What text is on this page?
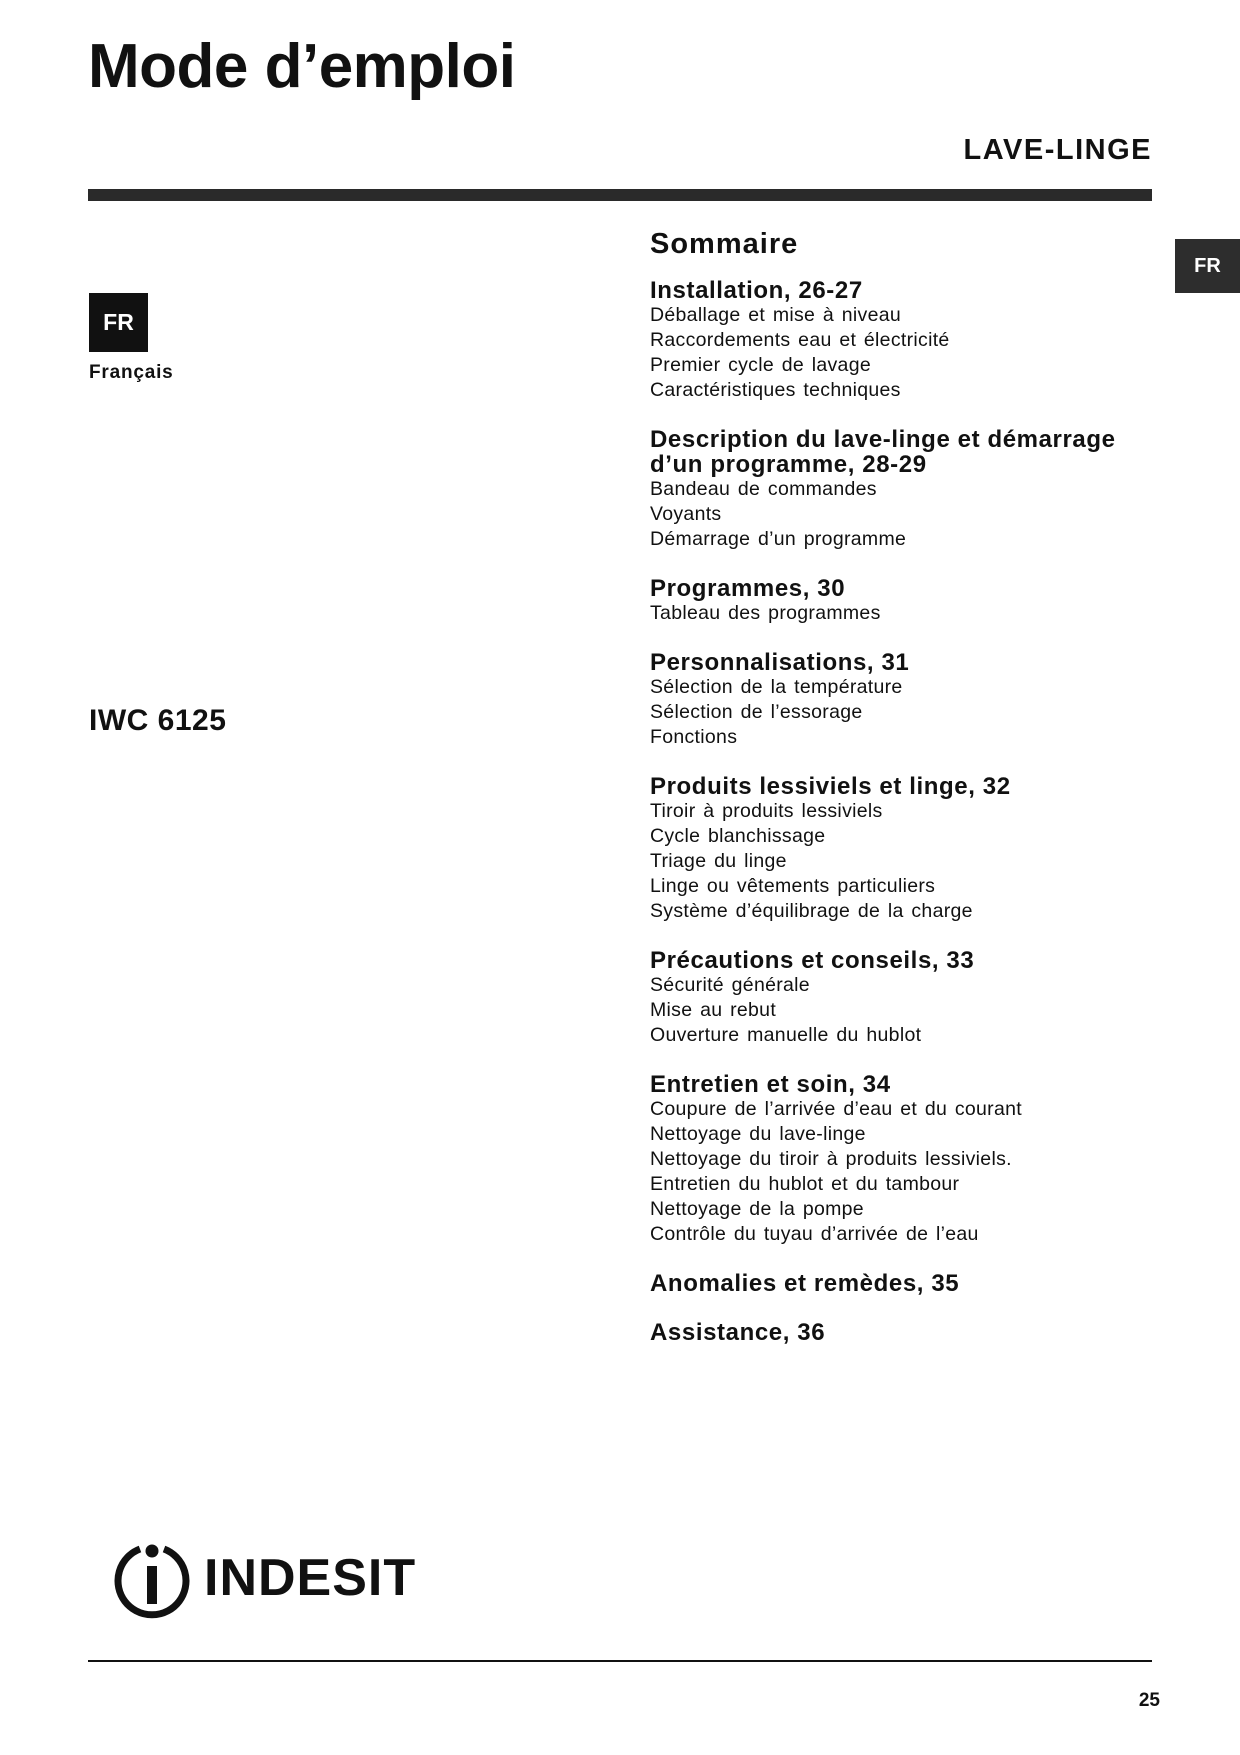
Mode d’emploi
LAVE-LINGE
FR
FR
Français
IWC 6125
Sommaire
Installation, 26-27
Déballage et mise à niveau
Raccordements eau et électricité
Premier cycle de lavage
Caractéristiques techniques
Description du lave-linge et démarrage d’un programme, 28-29
Bandeau de commandes
Voyants
Démarrage d’un programme
Programmes, 30
Tableau des programmes
Personnalisations, 31
Sélection de la température
Sélection de l’essorage
Fonctions
Produits lessiviels et linge, 32
Tiroir à produits lessiviels
Cycle blanchissage
Triage du linge
Linge ou vêtements particuliers
Système d’équilibrage de la charge
Précautions et conseils, 33
Sécurité générale
Mise au rebut
Ouverture manuelle du hublot
Entretien et soin, 34
Coupure de l’arrivée d’eau et du courant
Nettoyage du lave-linge
Nettoyage du tiroir à produits lessiviels.
Entretien du hublot et du tambour
Nettoyage de la pompe
Contrôle du tuyau d’arrivée de l’eau
Anomalies et remèdes, 35
Assistance, 36
INDESIT
25
